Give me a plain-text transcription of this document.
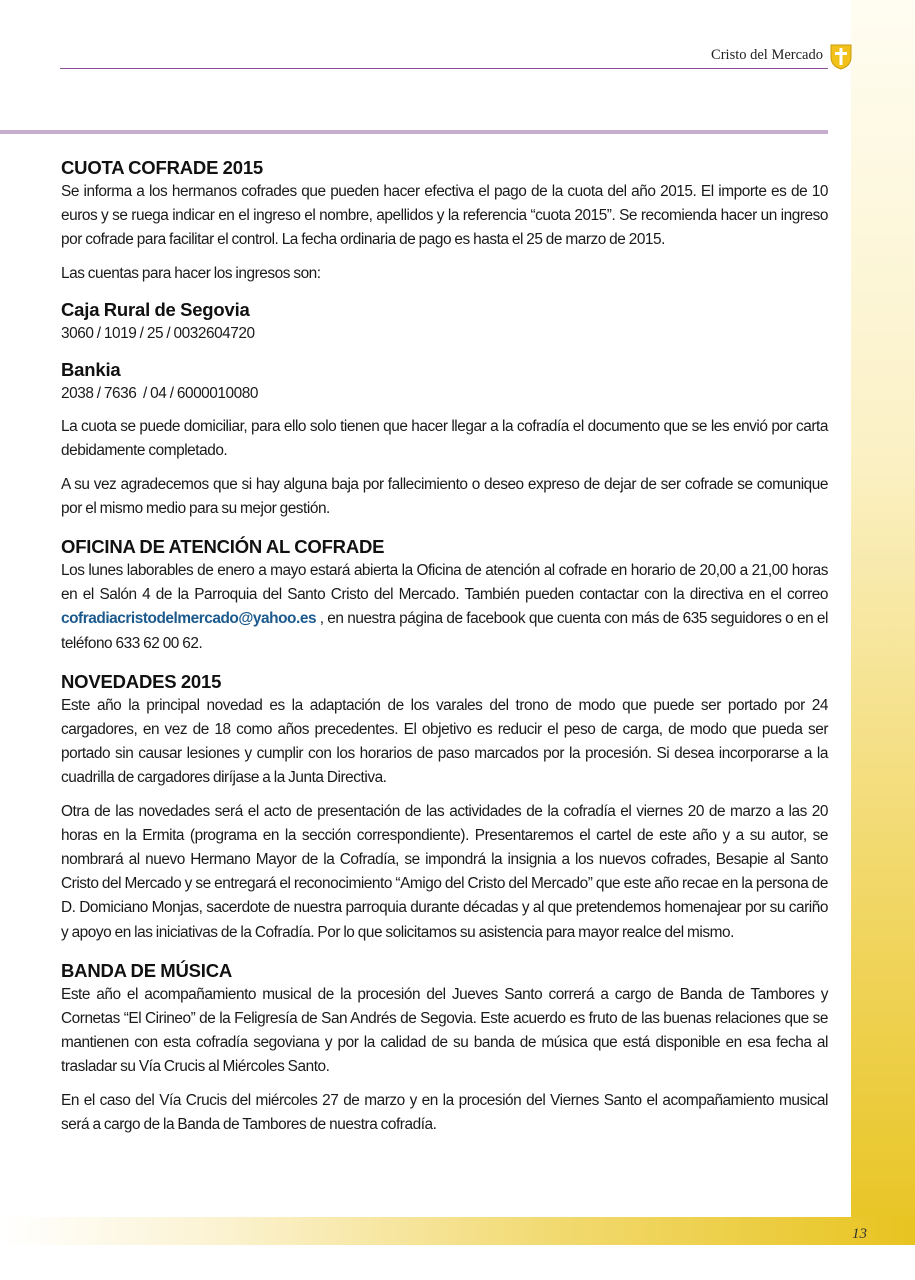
Cristo del Mercado
CUOTA COFRADE 2015

Se informa a los hermanos cofrades que pueden hacer efectiva el pago de la cuota del año 2015. El importe es de 10 euros y se ruega indicar en el ingreso el nombre, apellidos y la referencia “cuota 2015”. Se recomienda hacer un ingreso por cofrade para facilitar el control. La fecha ordinaria de pago es hasta el 25 de marzo de 2015.

Las cuentas para hacer los ingresos son:

Caja Rural de Segovia

3060 / 1019 / 25 / 0032604720

Bankia

2038 / 7636  / 04 / 6000010080

La cuota se puede domiciliar, para ello solo tienen que hacer llegar a la cofradía el documento que se les envió por carta debidamente completado.

A su vez agradecemos que si hay alguna baja por fallecimiento o deseo expreso de dejar de ser cofrade se comunique por el mismo medio para su mejor gestión.

OFICINA DE ATENCIÓN AL COFRADE

Los lunes laborables de enero a mayo estará abierta la Oficina de atención al cofrade en horario de 20,00 a 21,00 horas en el Salón 4 de la Parroquia del Santo Cristo del Mercado. También pueden contactar con la directiva en el correo cofradiacristodelmercado@yahoo.es , en nuestra página de facebook que cuenta con más de 635 seguidores o en el teléfono 633 62 00 62.

NOVEDADES 2015

Este año la principal novedad es la adaptación de los varales del trono de modo que puede ser portado por 24 cargadores, en vez de 18 como años precedentes. El objetivo es reducir el peso de carga, de modo que pueda ser portado sin causar lesiones y cumplir con los horarios de paso marcados por la procesión. Si desea incorporarse a la cuadrilla de cargadores diríjase a la Junta Directiva.

Otra de las novedades será el acto de presentación de las actividades de la cofradía el viernes 20 de marzo a las 20 horas en la Ermita (programa en la sección correspondiente). Presentaremos el cartel de este año y a su autor, se nombrará al nuevo Hermano Mayor de la Cofradía, se impondrá la insignia a los nuevos cofrades, Besapie al Santo Cristo del Mercado y se entregará el reconocimiento “Amigo del Cristo del Mercado” que este año recae en la persona de D. Domiciano Monjas, sacerdote de nuestra parroquia durante décadas y al que pretendemos homenajear por su cariño y apoyo en las iniciativas de la Cofradía. Por lo que solicitamos su asistencia para mayor realce del mismo.

BANDA DE MÚSICA

Este año el acompañamiento musical de la procesión del Jueves Santo correrá a cargo de Banda de Tambores y Cornetas “El Cirineo” de la Feligresía de San Andrés de Segovia. Este acuerdo es fruto de las buenas relaciones que se mantienen con esta cofradía segoviana y por la calidad de su banda de música que está disponible en esa fecha al trasladar su Vía Crucis al Miércoles Santo.

En el caso del Vía Crucis del miércoles 27 de marzo y en la procesión del Viernes Santo el acompañamiento musical será a cargo de la Banda de Tambores de nuestra cofradía.

13
